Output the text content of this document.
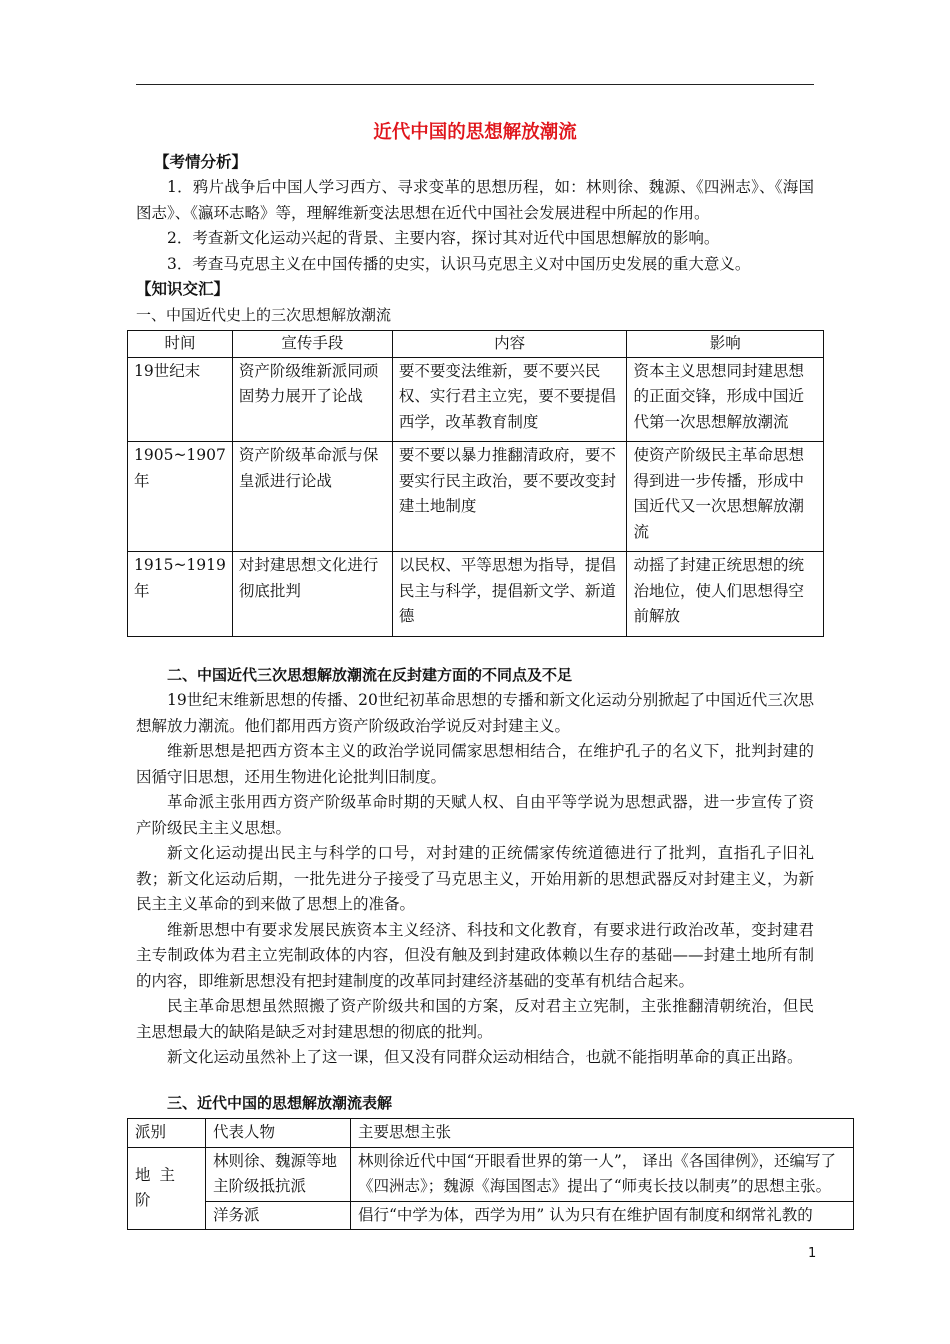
近代中国的思想解放潮流
【考情分析】

1．鸦片战争后中国人学习西方、寻求变革的思想历程，如：林则徐、魏源、《四洲志》、《海国图志》、《瀛环志略》等，理解维新变法思想在近代中国社会发展进程中所起的作用。

2．考查新文化运动兴起的背景、主要内容，探讨其对近代中国思想解放的影响。

3．考查马克思主义在中国传播的史实，认识马克思主义对中国历史发展的重大意义。

【知识交汇】
一、中国近代史上的三次思想解放潮流
时间	宣传手段	内容	影响
19世纪末	资产阶级维新派同顽固势力展开了论战	要不要变法维新，要不要兴民权、实行君主立宪，要不要提倡西学，改革教育制度	资本主义思想同封建思想的正面交锋，形成中国近代第一次思想解放潮流
1905~1907年	资产阶级革命派与保皇派进行论战	要不要以暴力推翻清政府，要不要实行民主政治，要不要改变封建土地制度	使资产阶级民主革命思想得到进一步传播，形成中国近代又一次思想解放潮流
1915~1919年	对封建思想文化进行彻底批判	以民权、平等思想为指导，提倡民主与科学，提倡新文学、新道德	动摇了封建正统思想的统治地位，使人们思想得空前解放
二、中国近代三次思想解放潮流在反封建方面的不同点及不足

19世纪末维新思想的传播、20世纪初革命思想的专播和新文化运动分别掀起了中国近代三次思想解放力潮流。他们都用西方资产阶级政治学说反对封建主义。

维新思想是把西方资本主义的政治学说同儒家思想相结合，在维护孔子的名义下，批判封建的因循守旧思想，还用生物进化论批判旧制度。

革命派主张用西方资产阶级革命时期的天赋人权、自由平等学说为思想武器，进一步宣传了资产阶级民主主义思想。

新文化运动提出民主与科学的口号，对封建的正统儒家传统道德进行了批判，直指孔子旧礼教；新文化运动后期，一批先进分子接受了马克思主义，开始用新的思想武器反对封建主义，为新民主主义革命的到来做了思想上的准备。

维新思想中有要求发展民族资本主义经济、科技和文化教育，有要求进行政治改革，变封建君主专制政体为君主立宪制政体的内容，但没有触及到封建政体赖以生存的基础——封建土地所有制的内容，即维新思想没有把封建制度的改革同封建经济基础的变革有机结合起来。

民主革命思想虽然照搬了资产阶级共和国的方案，反对君主立宪制，主张推翻清朝统治，但民主思想最大的缺陷是缺乏对封建思想的彻底的批判。

新文化运动虽然补上了这一课，但又没有同群众运动相结合，也就不能指明革命的真正出路。

三、近代中国的思想解放潮流表解
派别	代表人物	主要思想主张
地主阶	林则徐、魏源等地主阶级抵抗派	林则徐近代中国“开眼看世界的第一人”， 译出《各国律例》，还编写了《四洲志》；魏源《海国图志》提出了“师夷长技以制夷”的思想主张。
	洋务派	倡行“中学为体，西学为用” 认为只有在维护固有制度和纲常礼教的
1
